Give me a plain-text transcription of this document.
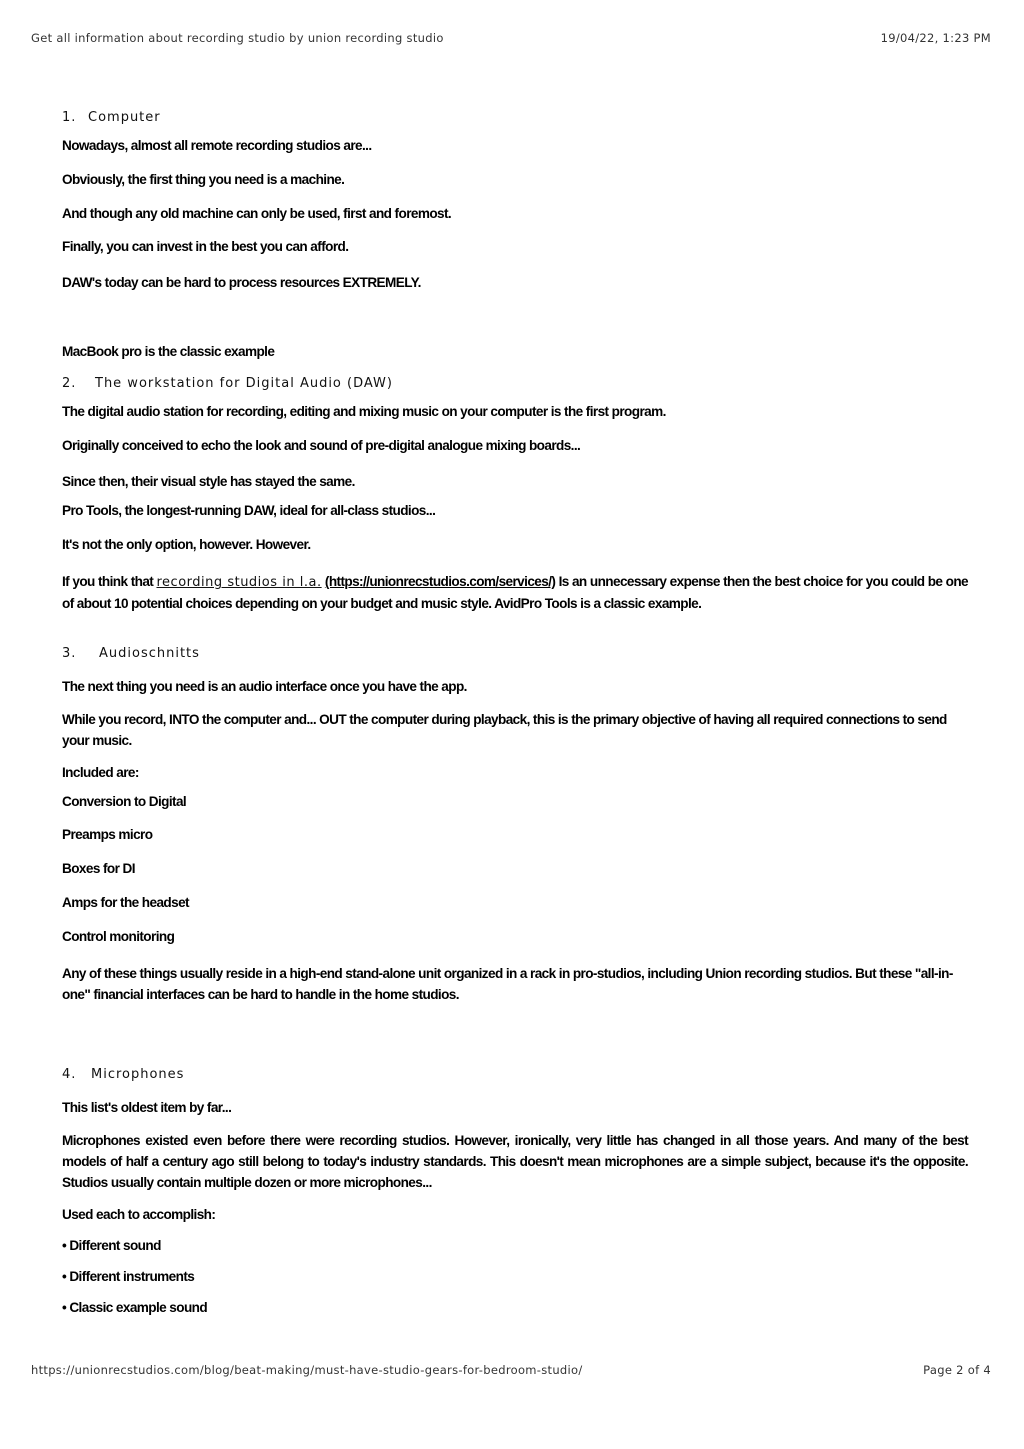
Get all information about recording studio by union recording studio	19/04/22, 1:23 PM
1. Computer
Nowadays, almost all remote recording studios are...
Obviously, the first thing you need is a machine.
And though any old machine can only be used, first and foremost.
Finally, you can invest in the best you can afford.
DAW's today can be hard to process resources EXTREMELY.
MacBook pro is the classic example
2. The workstation for Digital Audio (DAW)
The digital audio station for recording, editing and mixing music on your computer is the first program.
Originally conceived to echo the look and sound of pre-digital analogue mixing boards...
Since then, their visual style has stayed the same.
Pro Tools, the longest-running DAW, ideal for all-class studios...
It's not the only option, however. However.
If you think that recording studios in l.a. (https://unionrecstudios.com/services/) Is an unnecessary expense then the best choice for you could be one of about 10 potential choices depending on your budget and music style. AvidPro Tools is a classic example.
3. Audioschnitts
The next thing you need is an audio interface once you have the app.
While you record, INTO the computer and... OUT the computer during playback, this is the primary objective of having all required connections to send your music.
Included are:
Conversion to Digital
Preamps micro
Boxes for DI
Amps for the headset
Control monitoring
Any of these things usually reside in a high-end stand-alone unit organized in a rack in pro-studios, including Union recording studios. But these "all-in-one" financial interfaces can be hard to handle in the home studios.
4. Microphones
This list's oldest item by far...
Microphones existed even before there were recording studios. However, ironically, very little has changed in all those years. And many of the best models of half a century ago still belong to today's industry standards. This doesn't mean microphones are a simple subject, because it's the opposite. Studios usually contain multiple dozen or more microphones...
Used each to accomplish:
• Different sound
• Different instruments
• Classic example sound
https://unionrecstudios.com/blog/beat-making/must-have-studio-gears-for-bedroom-studio/	Page 2 of 4
